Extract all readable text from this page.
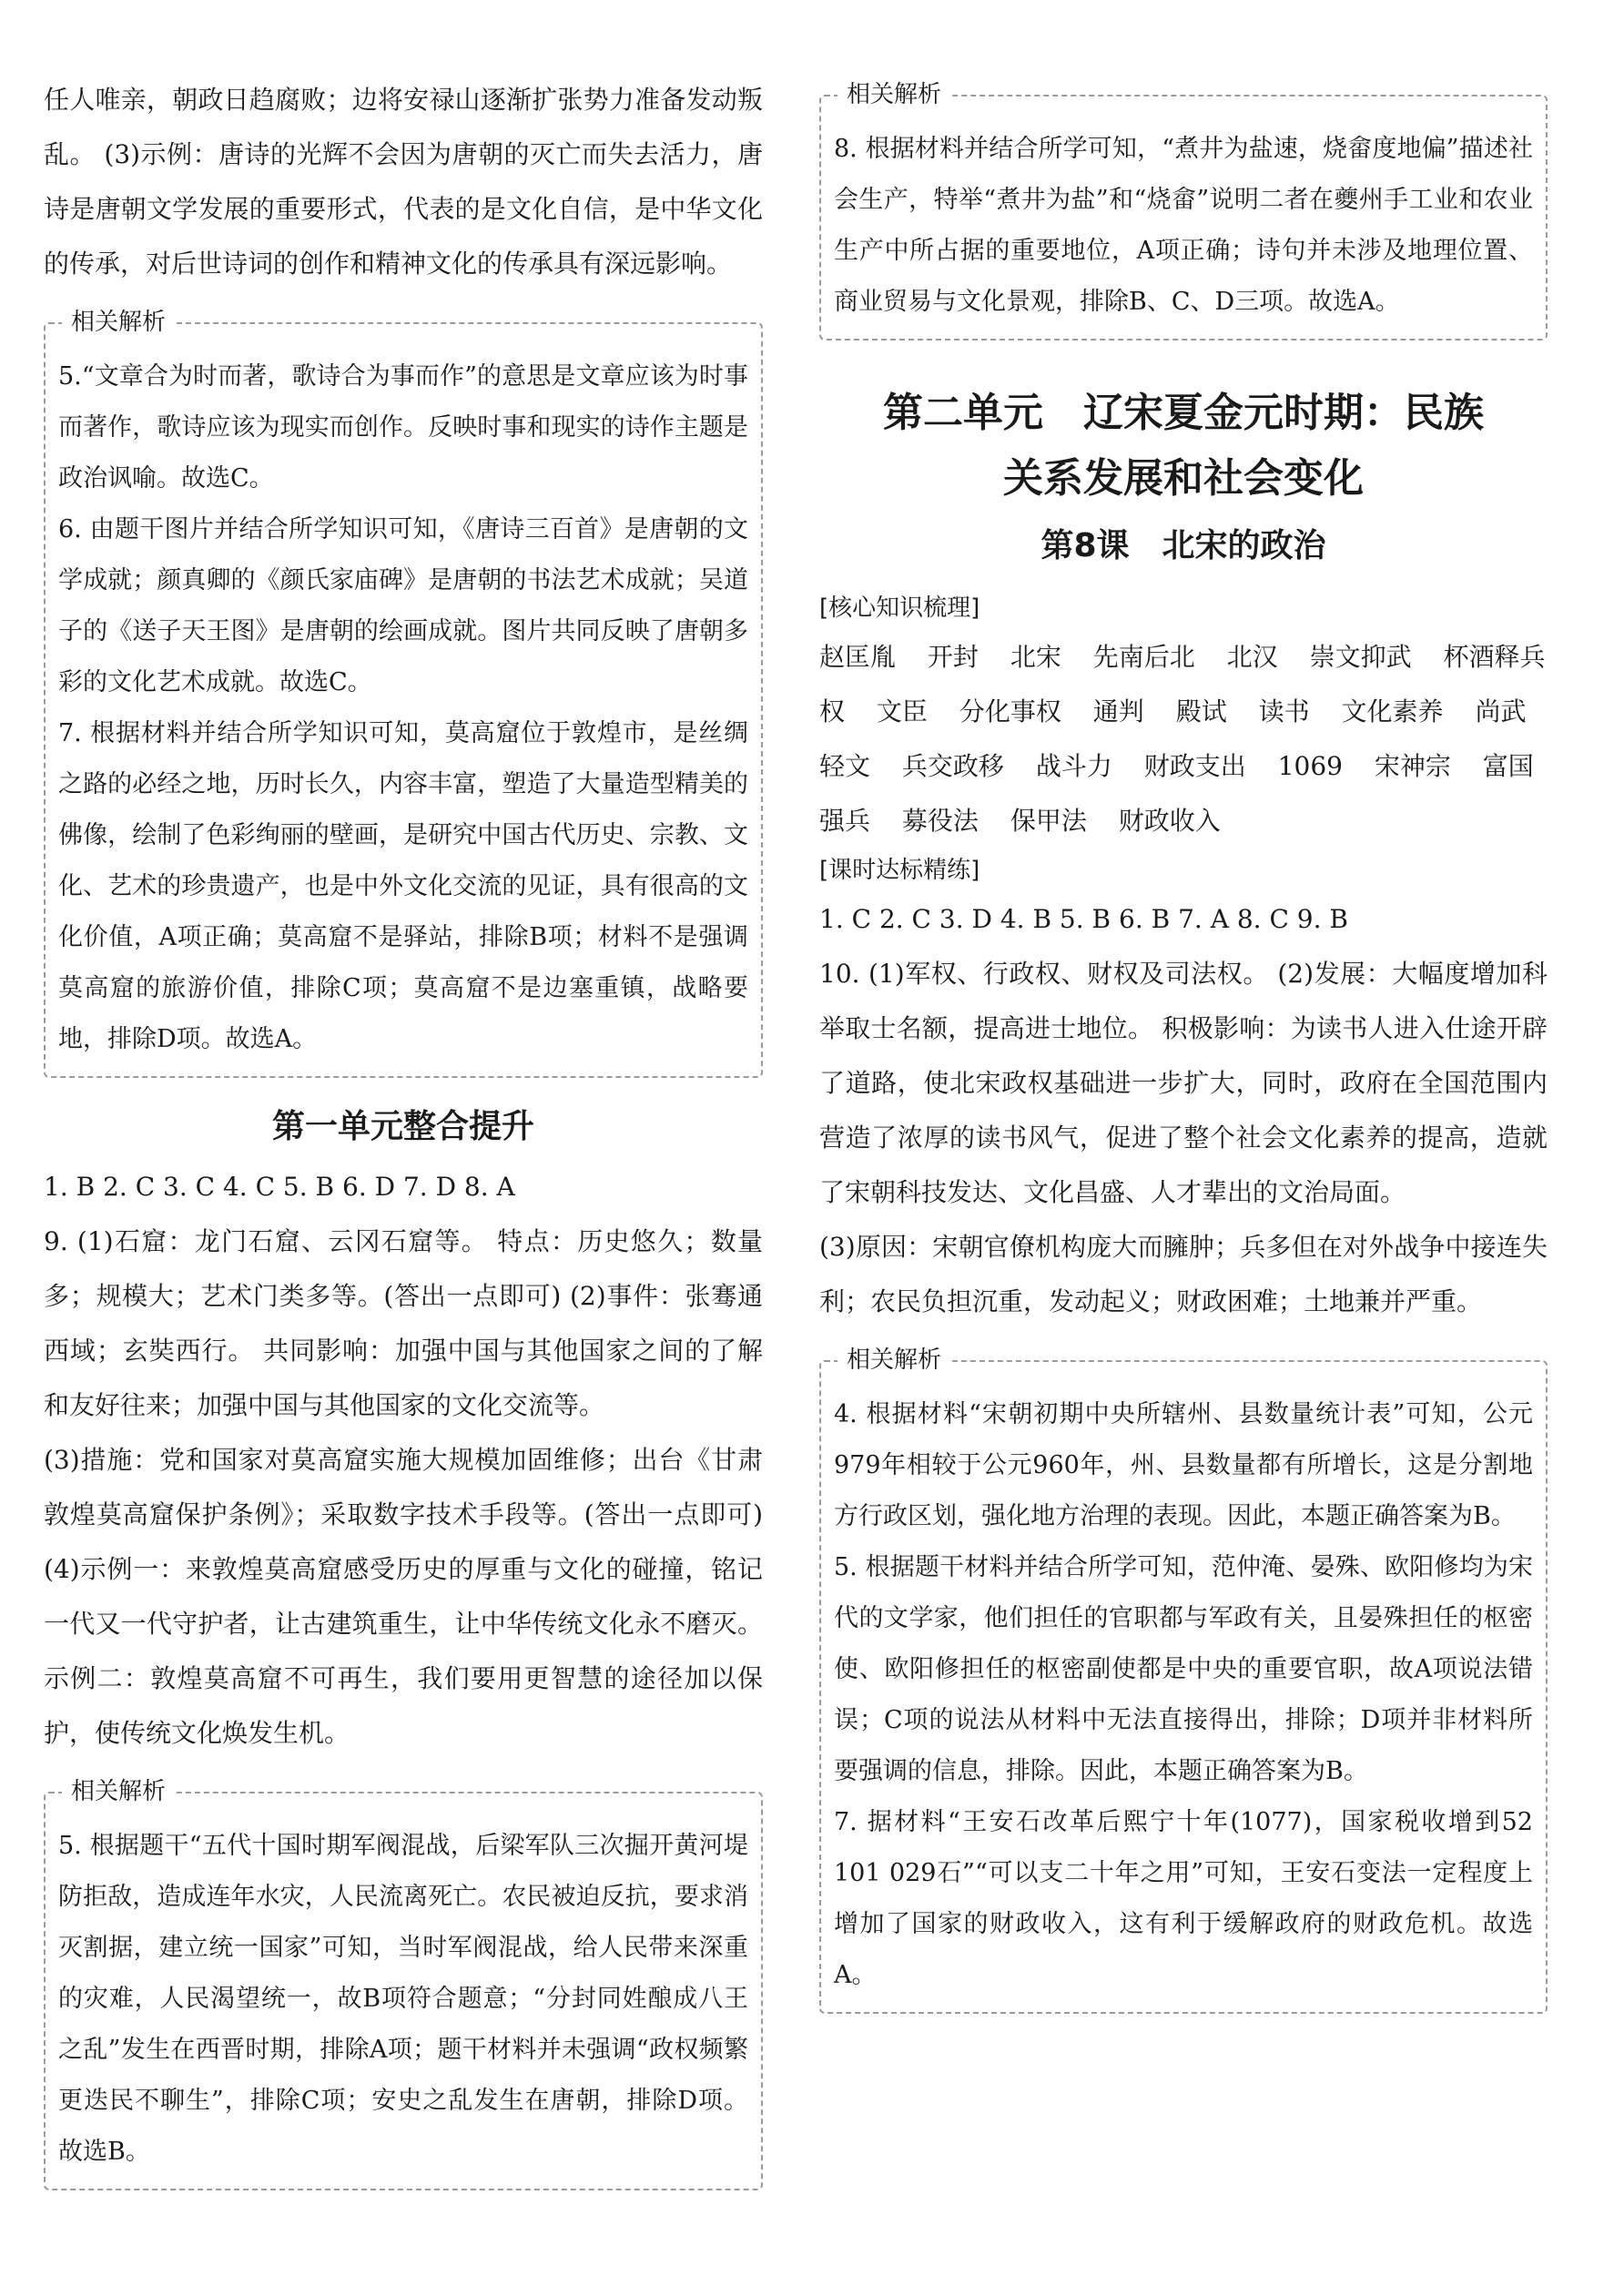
任人唯亲，朝政日趋腐败；边将安禄山逐渐扩张势力准备发动叛乱。 (3)示例：唐诗的光辉不会因为唐朝的灭亡而失去活力，唐诗是唐朝文学发展的重要形式，代表的是文化自信，是中华文化的传承，对后世诗词的创作和精神文化的传承具有深远影响。

相关解析

5.“文章合为时而著，歌诗合为事而作”的意思是文章应该为时事而著作，歌诗应该为现实而创作。反映时事和现实的诗作主题是政治讽喻。故选C。

6. 由题干图片并结合所学知识可知，《唐诗三百首》是唐朝的文学成就；颜真卿的《颜氏家庙碑》是唐朝的书法艺术成就；吴道子的《送子天王图》是唐朝的绘画成就。图片共同反映了唐朝多彩的文化艺术成就。故选C。

7. 根据材料并结合所学知识可知，莫高窟位于敦煌市，是丝绸之路的必经之地，历时长久，内容丰富，塑造了大量造型精美的佛像，绘制了色彩绚丽的壁画，是研究中国古代历史、宗教、文化、艺术的珍贵遗产，也是中外文化交流的见证，具有很高的文化价值，A项正确；莫高窟不是驿站，排除B项；材料不是强调莫高窟的旅游价值，排除C项；莫高窟不是边塞重镇，战略要地，排除D项。故选A。

第一单元整合提升

1. B 2. C 3. C 4. C 5. B 6. D 7. D 8. A

9. (1)石窟：龙门石窟、云冈石窟等。 特点：历史悠久；数量多；规模大；艺术门类多等。(答出一点即可) (2)事件：张骞通西域；玄奘西行。 共同影响：加强中国与其他国家之间的了解和友好往来；加强中国与其他国家的文化交流等。

(3)措施：党和国家对莫高窟实施大规模加固维修；出台《甘肃敦煌莫高窟保护条例》；采取数字技术手段等。(答出一点即可) (4)示例一：来敦煌莫高窟感受历史的厚重与文化的碰撞，铭记一代又一代守护者，让古建筑重生，让中华传统文化永不磨灭。 示例二：敦煌莫高窟不可再生，我们要用更智慧的途径加以保护，使传统文化焕发生机。

相关解析

5. 根据题干“五代十国时期军阀混战，后梁军队三次掘开黄河堤防拒敌，造成连年水灾，人民流离死亡。农民被迫反抗，要求消灭割据，建立统一国家”可知，当时军阀混战，给人民带来深重的灾难，人民渴望统一，故B项符合题意；“分封同姓酿成八王之乱”发生在西晋时期，排除A项；题干材料并未强调“政权频繁更迭民不聊生”，排除C项；安史之乱发生在唐朝，排除D项。故选B。

相关解析

8. 根据材料并结合所学可知，“煮井为盐速，烧畲度地偏”描述社会生产，特举“煮井为盐”和“烧畲”说明二者在夔州手工业和农业生产中所占据的重要地位，A项正确；诗句并未涉及地理位置、商业贸易与文化景观，排除B、C、D三项。故选A。

第二单元　辽宋夏金元时期：民族
关系发展和社会变化
第8课　北宋的政治
[ 核心知识梳理 ]
赵匡胤 开封 北宋 先南后北 北汉 崇文抑武 杯酒释兵权 文臣 分化事权 通判 殿试 读书 文化素养 尚武轻文 兵交政移 战斗力 财政支出 1069 宋神宗 富国强兵 募役法 保甲法 财政收入
[ 课时达标精练 ]

1. C 2. C 3. D 4. B 5. B 6. B 7. A 8. C 9. B

10. (1)军权、行政权、财权及司法权。 (2)发展：大幅度增加科举取士名额，提高进士地位。 积极影响：为读书人进入仕途开辟了道路，使北宋政权基础进一步扩大，同时，政府在全国范围内营造了浓厚的读书风气，促进了整个社会文化素养的提高，造就了宋朝科技发达、文化昌盛、人才辈出的文治局面。

(3)原因：宋朝官僚机构庞大而臃肿；兵多但在对外战争中接连失利；农民负担沉重，发动起义；财政困难；土地兼并严重。

相关解析

4. 根据材料“宋朝初期中央所辖州、县数量统计表”可知，公元979年相较于公元960年，州、县数量都有所增长，这是分割地方行政区划，强化地方治理的表现。因此，本题正确答案为B。

5. 根据题干材料并结合所学可知，范仲淹、晏殊、欧阳修均为宋代的文学家，他们担任的官职都与军政有关，且晏殊担任的枢密使、欧阳修担任的枢密副使都是中央的重要官职，故A项说法错误；C项的说法从材料中无法直接得出，排除；D项并非材料所要强调的信息，排除。因此，本题正确答案为B。

7. 据材料“王安石改革后熙宁十年(1077)，国家税收增到52 101 029石”“可以支二十年之用”可知，王安石变法一定程度上增加了国家的财政收入，这有利于缓解政府的财政危机。故选A。
